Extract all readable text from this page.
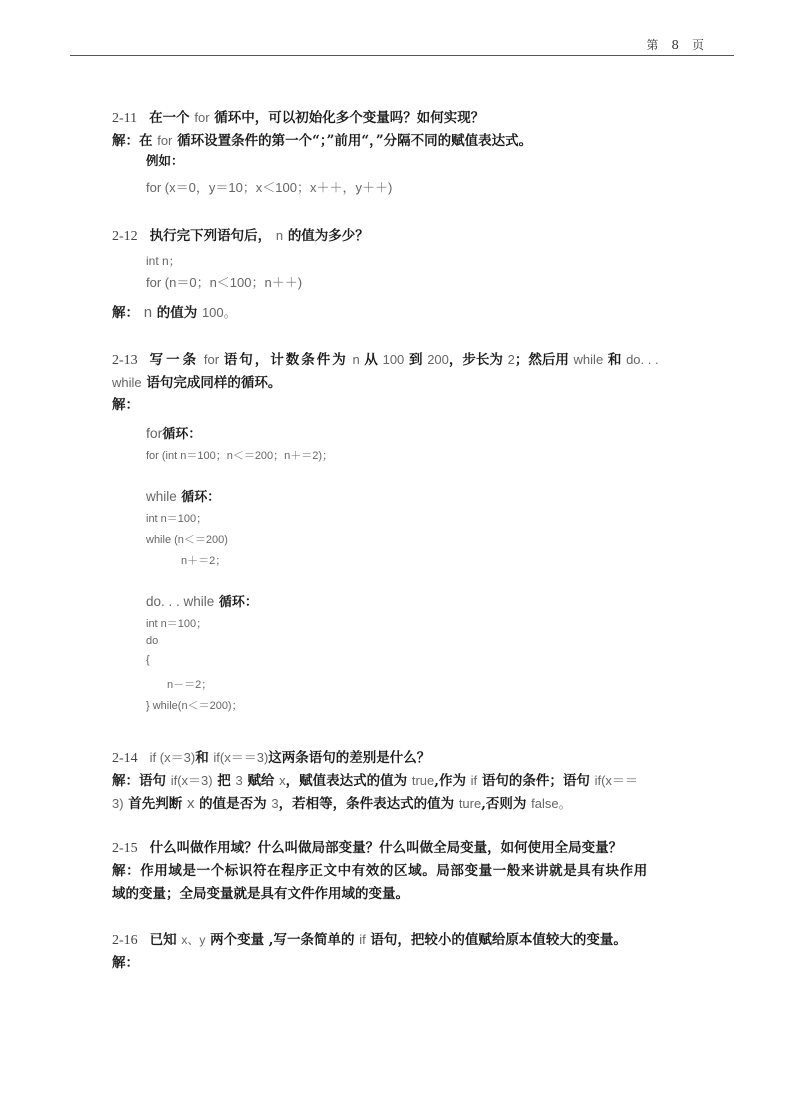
第 8 页
2-11 在一个 for 循环中，可以初始化多个变量吗？如何实现？
解：在 for 循环设置条件的第一个“；”前用“，”分隔不同的赋值表达式。
例如：
for (x＝0，y＝10；x＜100；x＋＋，y＋＋)
2-12 执行完下列语句后， n 的值为多少？
int n；
for (n＝0；n＜100；n＋＋)
解： n 的值为 100。
2-13 写一条 for 语句，计数条件为 n 从 100 到 200，步长为 2；然后用 while 和 do. . .
while 语句完成同样的循环。
解：
for循环：
for (int n＝100；n＜＝200；n＋＝2)；
while 循环：
int n＝100；
while (n＜＝200)
n＋＝2；
do. . . while 循环：
int n＝100；
do
{
n－＝2；
} while(n＜＝200)；
2-14 if (x＝3)和 if(x＝＝3)这两条语句的差别是什么？
解：语句 if(x＝3) 把 3 赋给 x，赋值表达式的值为 true,作为 if 语句的条件；语句 if(x＝＝
3) 首先判断 x 的值是否为 3，若相等，条件表达式的值为 ture,否则为 false。
2-15 什么叫做作用域？什么叫做局部变量？什么叫做全局变量，如何使用全局变量？
解：作用域是一个标识符在程序正文中有效的区域。局部变量一般来讲就是具有块作用
域的变量；全局变量就是具有文件作用域的变量。
2-16 已知 x、y 两个变量 ,写一条简单的 if 语句，把较小的值赋给原本值较大的变量。
解：
